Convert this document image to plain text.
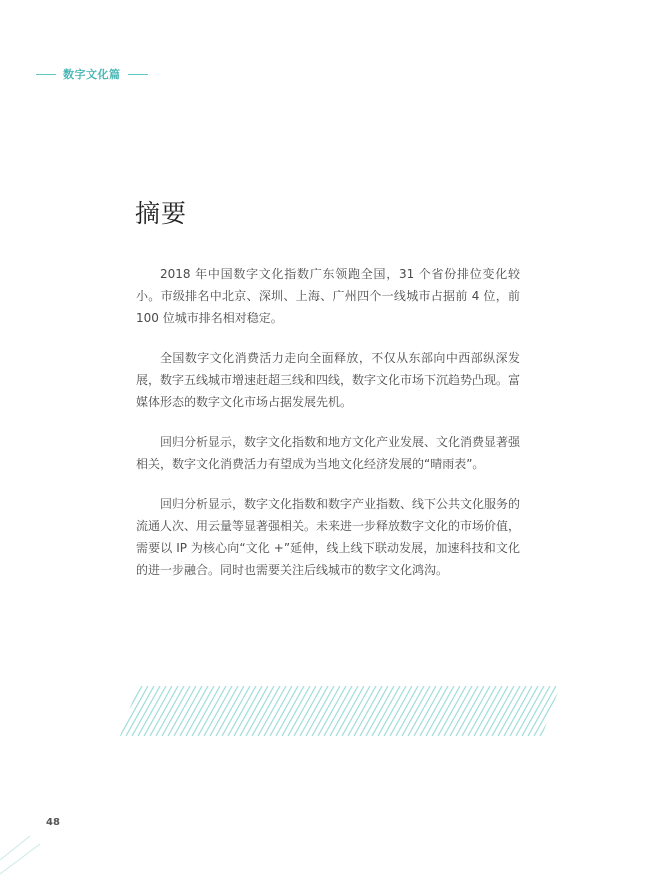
数字文化篇
摘要

2018 年中国数字文化指数广东领跑全国，31 个省份排位变化较小。市级排名中北京、深圳、上海、广州四个一线城市占据前 4 位，前 100 位城市排名相对稳定。

全国数字文化消费活力走向全面释放，不仅从东部向中西部纵深发展，数字五线城市增速赶超三线和四线，数字文化市场下沉趋势凸现。富媒体形态的数字文化市场占据发展先机。

回归分析显示，数字文化指数和地方文化产业发展、文化消费显著强相关，数字文化消费活力有望成为当地文化经济发展的“晴雨表”。

回归分析显示，数字文化指数和数字产业指数、线下公共文化服务的流通人次、用云量等显著强相关。未来进一步释放数字文化的市场价值，需要以 IP 为核心向“文化 +”延伸，线上线下联动发展，加速科技和文化的进一步融合。同时也需要关注后线城市的数字文化鸿沟。

48
